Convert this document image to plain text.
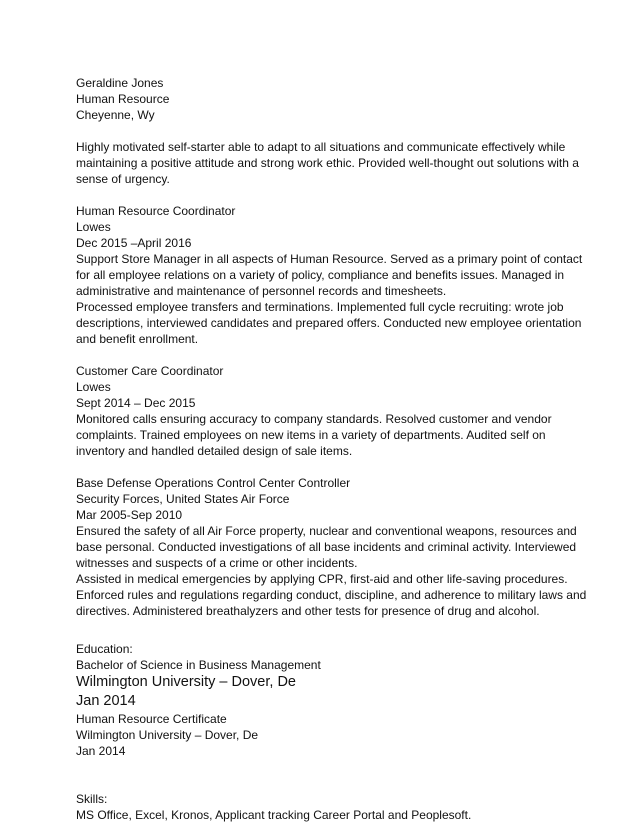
Geraldine Jones
Human Resource
Cheyenne, Wy
Highly motivated self-starter able to adapt to all situations and communicate effectively while
maintaining a positive attitude and strong work ethic. Provided well-thought out solutions with a
sense of urgency.
Human Resource Coordinator
Lowes
Dec 2015 –April 2016
Support Store Manager in all aspects of Human Resource. Served as a primary point of contact
for all employee relations on a variety of policy, compliance and benefits issues. Managed in
administrative and maintenance of personnel records and timesheets.
Processed employee transfers and terminations. Implemented full cycle recruiting: wrote job
descriptions, interviewed candidates and prepared offers. Conducted new employee orientation
and benefit enrollment.
Customer Care Coordinator
Lowes
Sept 2014 – Dec 2015
Monitored calls ensuring accuracy to company standards. Resolved customer and vendor
complaints. Trained employees on new items in a variety of departments. Audited self on
inventory and handled detailed design of sale items.
Base Defense Operations Control Center Controller
Security Forces, United States Air Force
Mar 2005-Sep 2010
Ensured the safety of all Air Force property, nuclear and conventional weapons, resources and
base personal. Conducted investigations of all base incidents and criminal activity. Interviewed
witnesses and suspects of a crime or other incidents.
Assisted in medical emergencies by applying CPR, first-aid and other life-saving procedures.
Enforced rules and regulations regarding conduct, discipline, and adherence to military laws and
directives. Administered breathalyzers and other tests for presence of drug and alcohol.
Education:
Bachelor of Science in Business Management
Wilmington University – Dover, De
Jan 2014
Human Resource Certificate
Wilmington University – Dover, De
Jan 2014
Skills:
MS Office, Excel, Kronos, Applicant tracking Career Portal and Peoplesoft.
